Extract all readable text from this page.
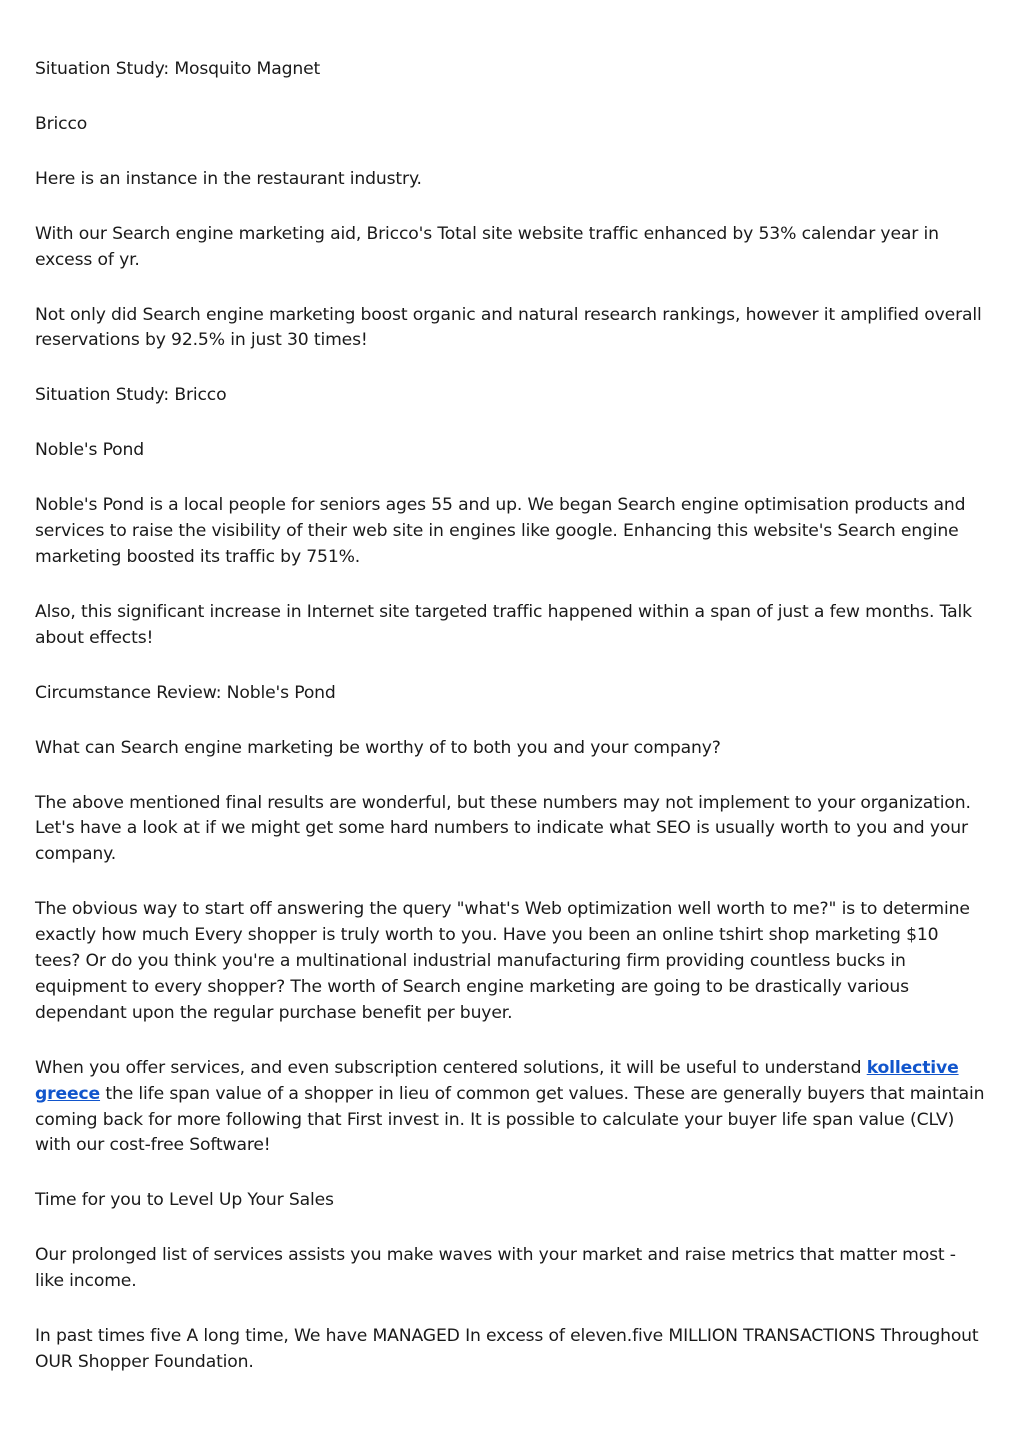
Situation Study: Mosquito Magnet

Bricco

Here is an instance in the restaurant industry.

With our Search engine marketing aid, Bricco's Total site website traffic enhanced by 53% calendar year in excess of yr.

Not only did Search engine marketing boost organic and natural research rankings, however it amplified overall reservations by 92.5% in just 30 times!

Situation Study: Bricco

Noble's Pond

Noble's Pond is a local people for seniors ages 55 and up. We began Search engine optimisation products and services to raise the visibility of their web site in engines like google. Enhancing this website's Search engine marketing boosted its traffic by 751%.

Also, this significant increase in Internet site targeted traffic happened within a span of just a few months. Talk about effects!

Circumstance Review: Noble's Pond

What can Search engine marketing be worthy of to both you and your company?

The above mentioned final results are wonderful, but these numbers may not implement to your organization. Let's have a look at if we might get some hard numbers to indicate what SEO is usually worth to you and your company.

The obvious way to start off answering the query "what's Web optimization well worth to me?" is to determine exactly how much Every shopper is truly worth to you. Have you been an online tshirt shop marketing $10 tees? Or do you think you're a multinational industrial manufacturing firm providing countless bucks in equipment to every shopper? The worth of Search engine marketing are going to be drastically various dependant upon the regular purchase benefit per buyer.

When you offer services, and even subscription centered solutions, it will be useful to understand kollective greece the life span value of a shopper in lieu of common get values. These are generally buyers that maintain coming back for more following that First invest in. It is possible to calculate your buyer life span value (CLV) with our cost-free Software!

Time for you to Level Up Your Sales

Our prolonged list of services assists you make waves with your market and raise metrics that matter most - like income.

In past times five A long time, We have MANAGED In excess of eleven.five MILLION TRANSACTIONS Throughout OUR Shopper Foundation.
